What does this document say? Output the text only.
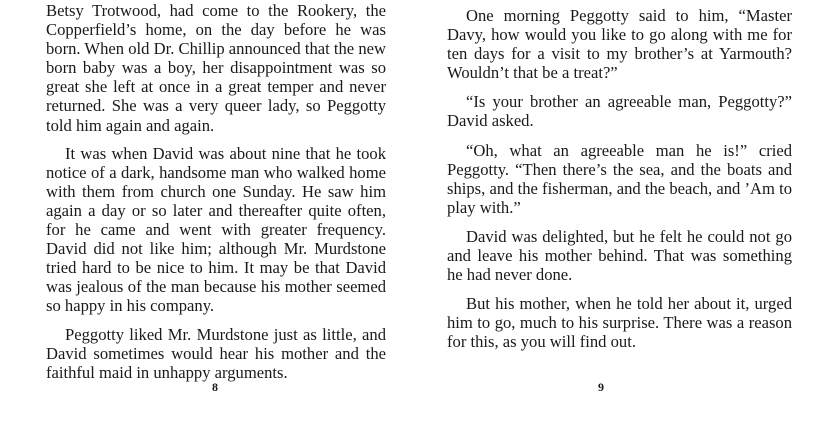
Betsy Trotwood, had come to the Rookery, the Copperfield’s home, on the day before he was born. When old Dr. Chillip announced that the new born baby was a boy, her disappointment was so great she left at once in a great temper and never returned. She was a very queer lady, so Peggotty told him again and again.

It was when David was about nine that he took notice of a dark, handsome man who walked home with them from church one Sunday. He saw him again a day or so later and thereafter quite often, for he came and went with greater frequency. David did not like him; although Mr. Murdstone tried hard to be nice to him. It may be that David was jealous of the man because his mother seemed so happy in his company.

Peggotty liked Mr. Murdstone just as little, and David sometimes would hear his mother and the faithful maid in unhappy arguments.

8

One morning Peggotty said to him, “Master Davy, how would you like to go along with me for ten days for a visit to my brother’s at Yarmouth? Wouldn’t that be a treat?”

“Is your brother an agreeable man, Peggotty?” David asked.

“Oh, what an agreeable man he is!” cried Peggotty. “Then there’s the sea, and the boats and ships, and the fisherman, and the beach, and ’Am to play with.”

David was delighted, but he felt he could not go and leave his mother behind. That was something he had never done.

But his mother, when he told her about it, urged him to go, much to his surprise. There was a reason for this, as you will find out.

9
